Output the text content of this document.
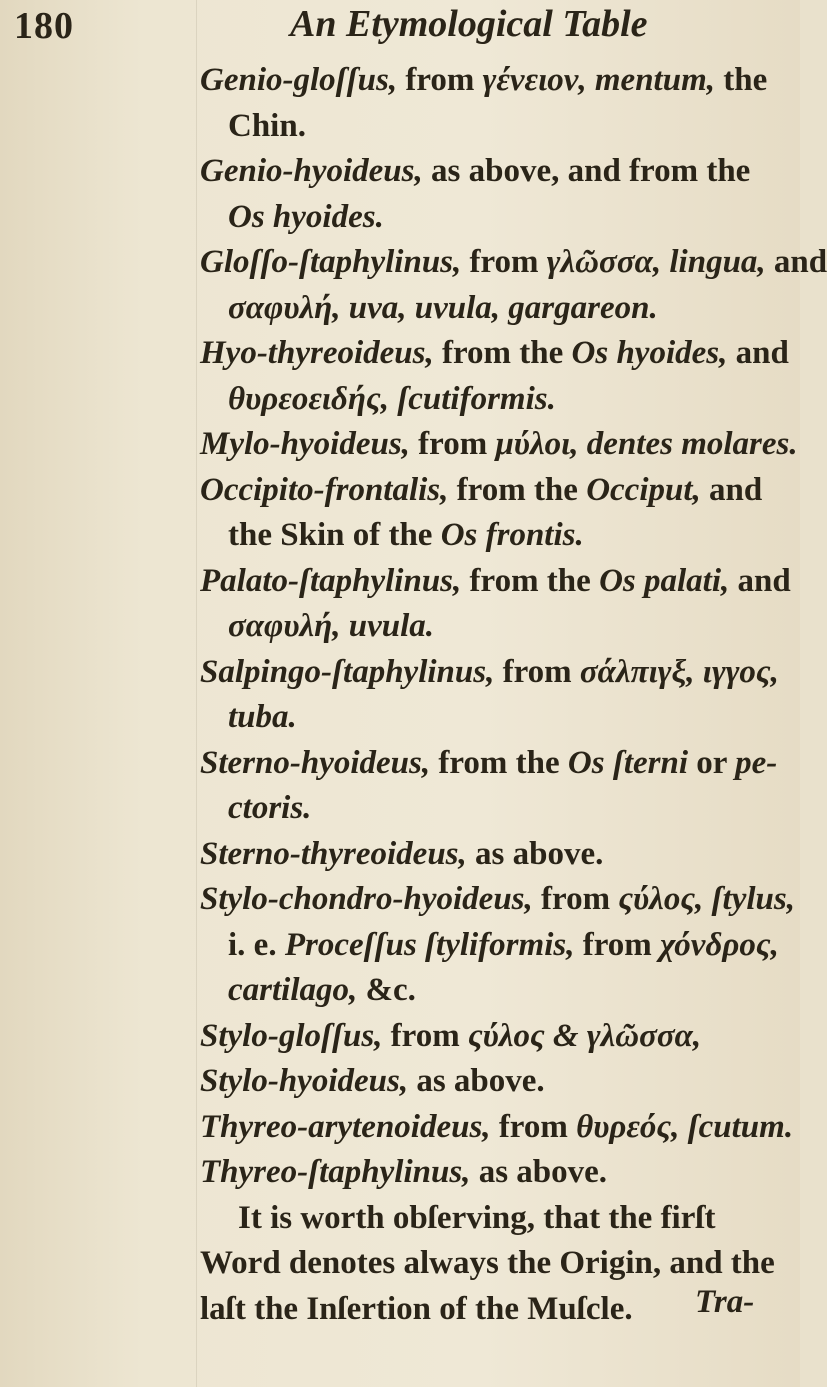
180	An Etymological Table
Genio-gloſſus, from γένειον, mentum, the
Chin.
Genio-hyoideus, as above, and from the
Os hyoides.
Gloſſo-ſtaphylinus, from γλῶσσα, lingua, and
σαφυλή, uva, uvula, gargareon.
Hyo-thyreoideus, from the Os hyoides, and
θυρεοειδής, ſcutiformis.
Mylo-hyoideus, from μύλοι, dentes molares.
Occipito-frontalis, from the Occiput, and
the Skin of the Os frontis.
Palato-ſtaphylinus, from the Os palati, and
σαφυλή, uvula.
Salpingo-ſtaphylinus, from σάλπιγξ, ιγγος,
tuba.
Sterno-hyoideus, from the Os ſterni or pe-
ctoris.
Sterno-thyreoideus, as above.
Stylo-chondro-hyoideus, from ςύλος, ſtylus,
i. e. Proceſſus ſtyliformis, from χόνδρος,
cartilago, &c.
Stylo-gloſſus, from ςύλος & γλῶσσα,
Stylo-hyoideus, as above.
Thyreo-arytenoideus, from θυρεός, ſcutum.
Thyreo-ſtaphylinus, as above.
It is worth obſerving, that the firſt
Word denotes always the Origin, and the
laſt the Inſertion of the Muſcle.	Tra-
